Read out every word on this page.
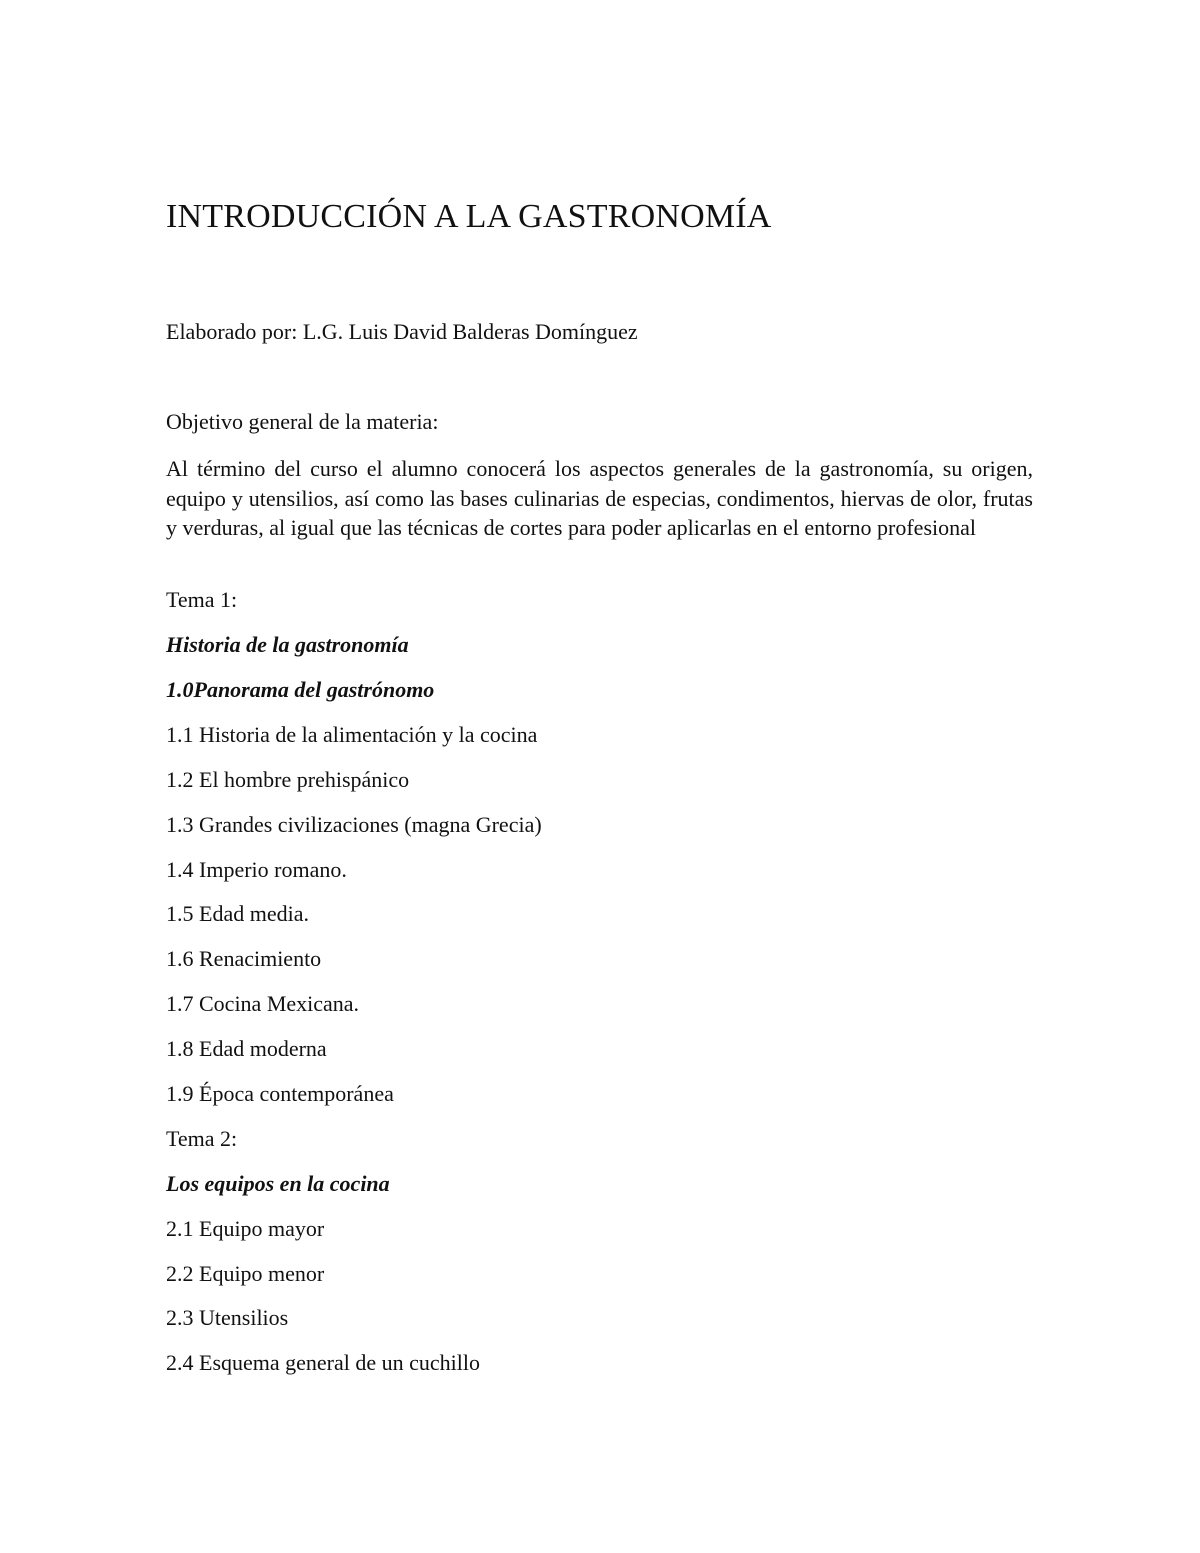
INTRODUCCIÓN A LA GASTRONOMÍA

Elaborado por: L.G. Luis David Balderas Domínguez

Objetivo general de la materia:

Al término del curso el alumno conocerá los aspectos generales de la gastronomía, su origen, equipo y utensilios, así como las bases culinarias de especias, condimentos, hiervas de olor, frutas y verduras, al igual que las técnicas de cortes para poder aplicarlas en el entorno profesional

Tema 1:

Historia de la gastronomía

1.0Panorama del gastrónomo

1.1 Historia de la alimentación y la cocina

1.2 El hombre prehispánico

1.3 Grandes civilizaciones (magna Grecia)

1.4 Imperio romano.

1.5 Edad media.

1.6 Renacimiento

1.7 Cocina Mexicana.

1.8 Edad moderna

1.9 Época contemporánea

Tema 2:

Los equipos en la cocina

2.1 Equipo mayor

2.2 Equipo menor

2.3 Utensilios

2.4 Esquema general de un cuchillo
